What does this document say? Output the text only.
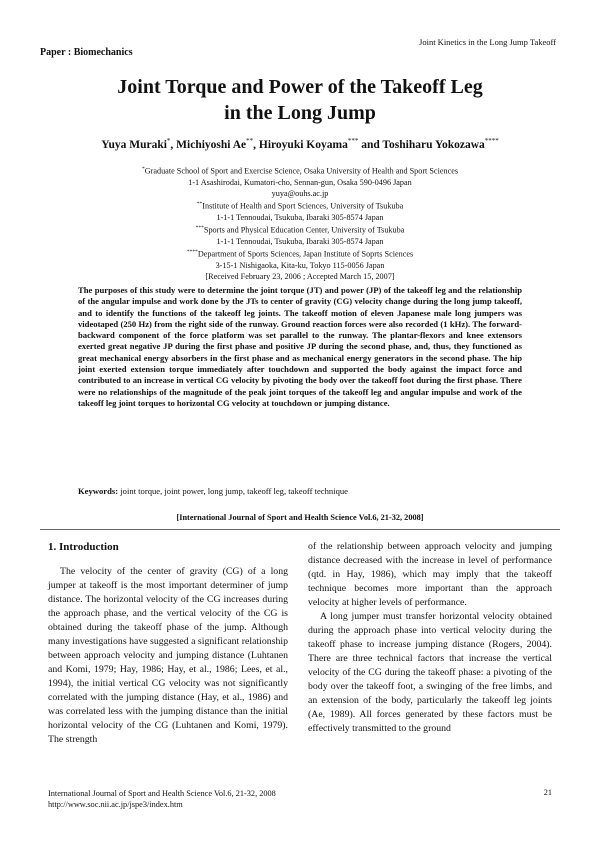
Joint Kinetics in the Long Jump Takeoff
Paper : Biomechanics
Joint Torque and Power of the Takeoff Leg
in the Long Jump
Yuya Muraki*, Michiyoshi Ae**, Hiroyuki Koyama*** and Toshiharu Yokozawa****
*Graduate School of Sport and Exercise Science, Osaka University of Health and Sport Sciences
1-1 Asashirodai, Kumatori-cho, Sennan-gun, Osaka 590-0496 Japan
yuya@ouhs.ac.jp
**Institute of Health and Sport Sciences, University of Tsukuba
1-1-1 Tennoudai, Tsukuba, Ibaraki 305-8574 Japan
***Sports and Physical Education Center, University of Tsukuba
1-1-1 Tennoudai, Tsukuba, Ibaraki 305-8574 Japan
****Department of Sports Sciences, Japan Institute of Soprts Sciences
3-15-1 Nishigaoka, Kita-ku, Tokyo 115-0056 Japan
[Received February 23, 2006 ; Accepted March 15, 2007]
The purposes of this study were to determine the joint torque (JT) and power (JP) of the takeoff leg and the relationship of the angular impulse and work done by the JTs to center of gravity (CG) velocity change during the long jump takeoff, and to identify the functions of the takeoff leg joints. The takeoff motion of eleven Japanese male long jumpers was videotaped (250 Hz) from the right side of the runway. Ground reaction forces were also recorded (1 kHz). The forward-backward component of the force platform was set parallel to the runway. The plantar-flexors and knee extensors exerted great negative JP during the first phase and positive JP during the second phase, and, thus, they functioned as great mechanical energy absorbers in the first phase and as mechanical energy generators in the second phase. The hip joint exerted extension torque immediately after touchdown and supported the body against the impact force and contributed to an increase in vertical CG velocity by pivoting the body over the takeoff foot during the first phase. There were no relationships of the magnitude of the peak joint torques of the takeoff leg and angular impulse and work of the takeoff leg joint torques to horizontal CG velocity at touchdown or jumping distance.
Keywords: joint torque, joint power, long jump, takeoff leg, takeoff technique
[International Journal of Sport and Health Science Vol.6, 21-32, 2008]
1. Introduction

The velocity of the center of gravity (CG) of a long jumper at takeoff is the most important determiner of jump distance. The horizontal velocity of the CG increases during the approach phase, and the vertical velocity of the CG is obtained during the takeoff phase of the jump. Although many investigations have suggested a significant relationship between approach velocity and jumping distance (Luhtanen and Komi, 1979; Hay, 1986; Hay, et al., 1986; Lees, et al., 1994), the initial vertical CG velocity was not significantly correlated with the jumping distance (Hay, et al., 1986) and was correlated less with the jumping distance than the initial horizontal velocity of the CG (Luhtanen and Komi, 1979). The strength

of the relationship between approach velocity and jumping distance decreased with the increase in level of performance (qtd. in Hay, 1986), which may imply that the takeoff technique becomes more important than the approach velocity at higher levels of performance.

A long jumper must transfer horizontal velocity obtained during the approach phase into vertical velocity during the takeoff phase to increase jumping distance (Rogers, 2004). There are three technical factors that increase the vertical velocity of the CG during the takeoff phase: a pivoting of the body over the takeoff foot, a swinging of the free limbs, and an extension of the body, particularly the takeoff leg joints (Ae, 1989). All forces generated by these factors must be effectively transmitted to the ground

International Journal of Sport and Health Science Vol.6, 21-32, 2008
http://www.soc.nii.ac.jp/jspe3/index.htm
21
